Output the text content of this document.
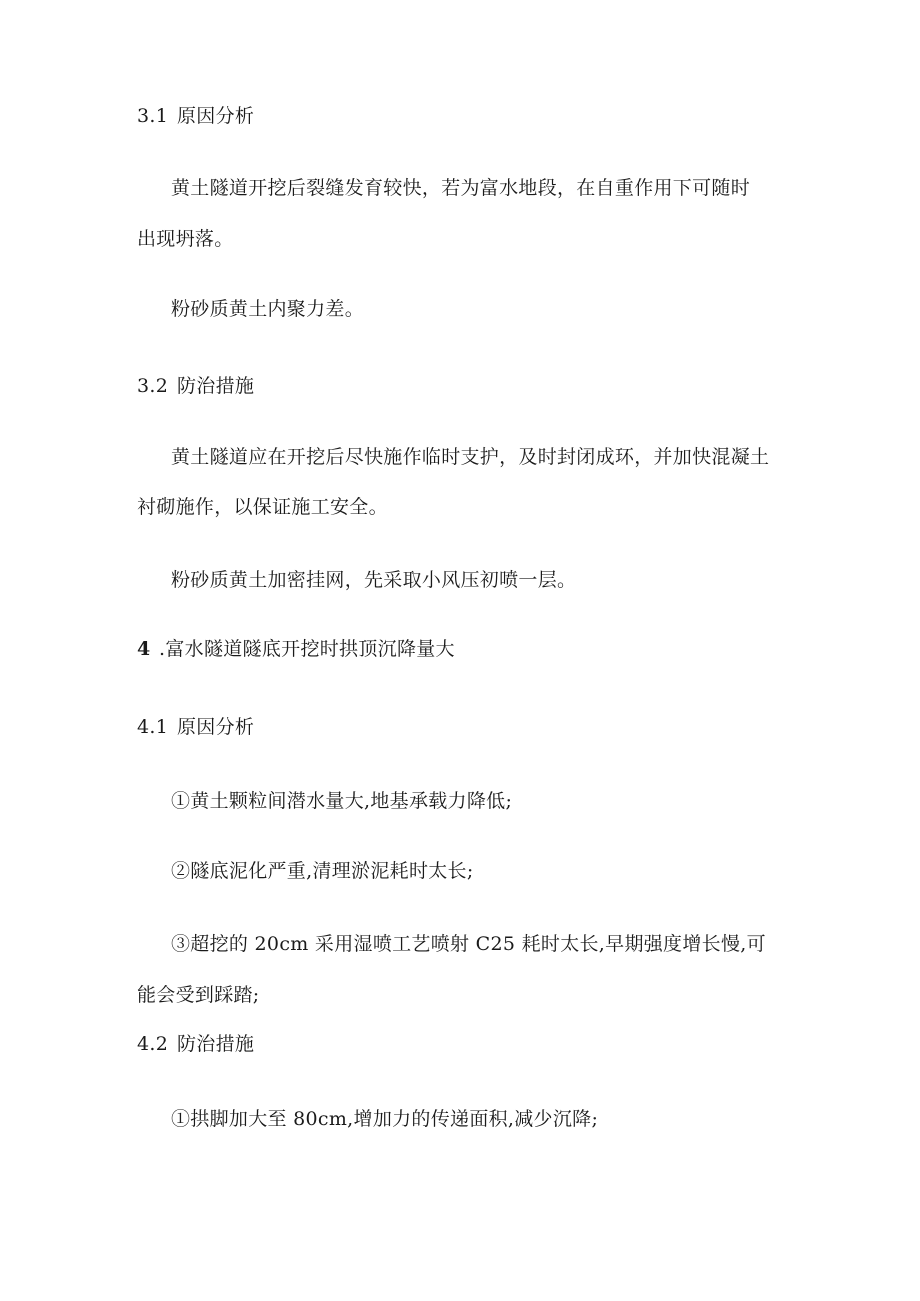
3.1 原因分析
黄土隧道开挖后裂缝发育较快，若为富水地段，在自重作用下可随时
出现坍落。
粉砂质黄土内聚力差。
3.2 防治措施
黄土隧道应在开挖后尽快施作临时支护，及时封闭成环，并加快混凝土
衬砌施作，以保证施工安全。
粉砂质黄土加密挂网，先采取小风压初喷一层。
4 .富水隧道隧底开挖时拱顶沉降量大
4.1 原因分析
①黄土颗粒间潜水量大,地基承载力降低;
②隧底泥化严重,清理淤泥耗时太长;
③超挖的 20cm 采用湿喷工艺喷射 C25 耗时太长,早期强度增长慢,可
能会受到踩踏;
4.2 防治措施
①拱脚加大至 80cm,增加力的传递面积,减少沉降;
